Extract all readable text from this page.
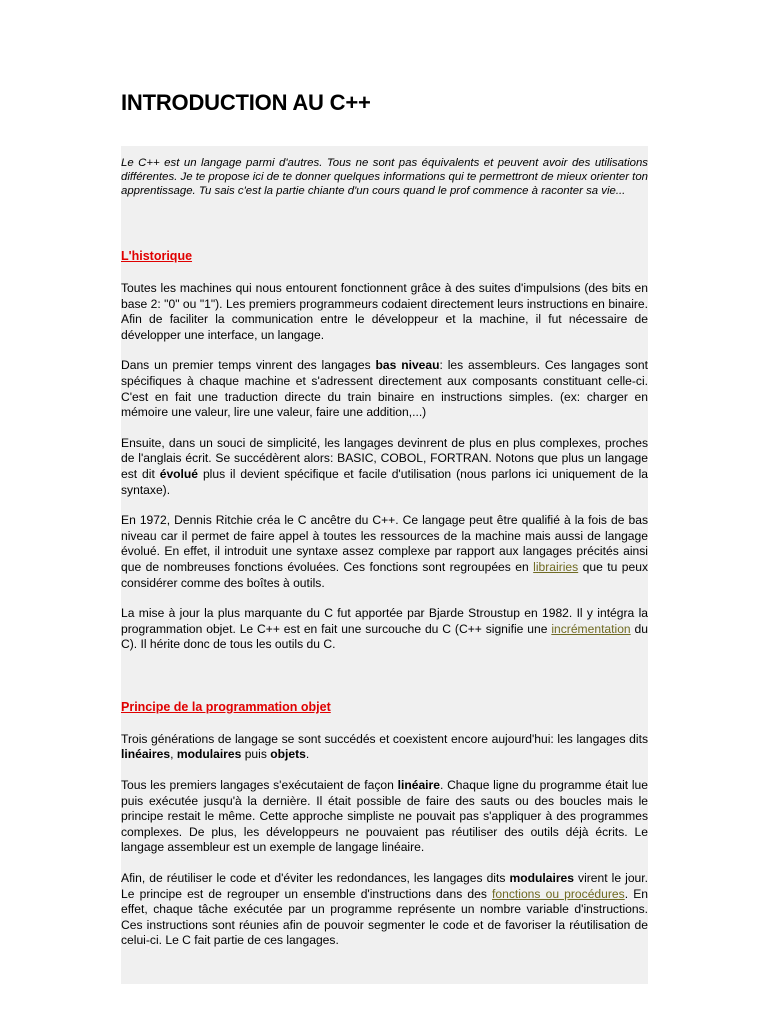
INTRODUCTION AU C++

Le C++ est un langage parmi d'autres. Tous ne sont pas équivalents et peuvent avoir des utilisations différentes. Je te propose ici de te donner quelques informations qui te permettront de mieux orienter ton apprentissage. Tu sais c'est la partie chiante d'un cours quand le prof commence à raconter sa vie...

L'historique

Toutes les machines qui nous entourent fonctionnent grâce à des suites d'impulsions (des bits en base 2: "0" ou "1"). Les premiers programmeurs codaient directement leurs instructions en binaire. Afin de faciliter la communication entre le développeur et la machine, il fut nécessaire de développer une interface, un langage.

Dans un premier temps vinrent des langages bas niveau: les assembleurs. Ces langages sont spécifiques à chaque machine et s'adressent directement aux composants constituant celle-ci. C'est en fait une traduction directe du train binaire en instructions simples. (ex: charger en mémoire une valeur, lire une valeur, faire une addition,...)

Ensuite, dans un souci de simplicité, les langages devinrent de plus en plus complexes, proches de l'anglais écrit. Se succédèrent alors: BASIC, COBOL, FORTRAN. Notons que plus un langage est dit évolué plus il devient spécifique et facile d'utilisation (nous parlons ici uniquement de la syntaxe).

En 1972, Dennis Ritchie créa le C ancêtre du C++. Ce langage peut être qualifié à la fois de bas niveau car il permet de faire appel à toutes les ressources de la machine mais aussi de langage évolué. En effet, il introduit une syntaxe assez complexe par rapport aux langages précités ainsi que de nombreuses fonctions évoluées. Ces fonctions sont regroupées en librairies que tu peux considérer comme des boîtes à outils.

La mise à jour la plus marquante du C fut apportée par Bjarde Stroustup en 1982. Il y intégra la programmation objet. Le C++ est en fait une surcouche du C (C++ signifie une incrémentation du C). Il hérite donc de tous les outils du C.

Principe de la programmation objet

Trois générations de langage se sont succédés et coexistent encore aujourd'hui: les langages dits linéaires, modulaires puis objets.

Tous les premiers langages s'exécutaient de façon linéaire. Chaque ligne du programme était lue puis exécutée jusqu'à la dernière. Il était possible de faire des sauts ou des boucles mais le principe restait le même. Cette approche simpliste ne pouvait pas s'appliquer à des programmes complexes. De plus, les développeurs ne pouvaient pas réutiliser des outils déjà écrits. Le langage assembleur est un exemple de langage linéaire.

Afin, de réutiliser le code et d'éviter les redondances, les langages dits modulaires virent le jour. Le principe est de regrouper un ensemble d'instructions dans des fonctions ou procédures. En effet, chaque tâche exécutée par un programme représente un nombre variable d'instructions. Ces instructions sont réunies afin de pouvoir segmenter le code et de favoriser la réutilisation de celui-ci. Le C fait partie de ces langages.
